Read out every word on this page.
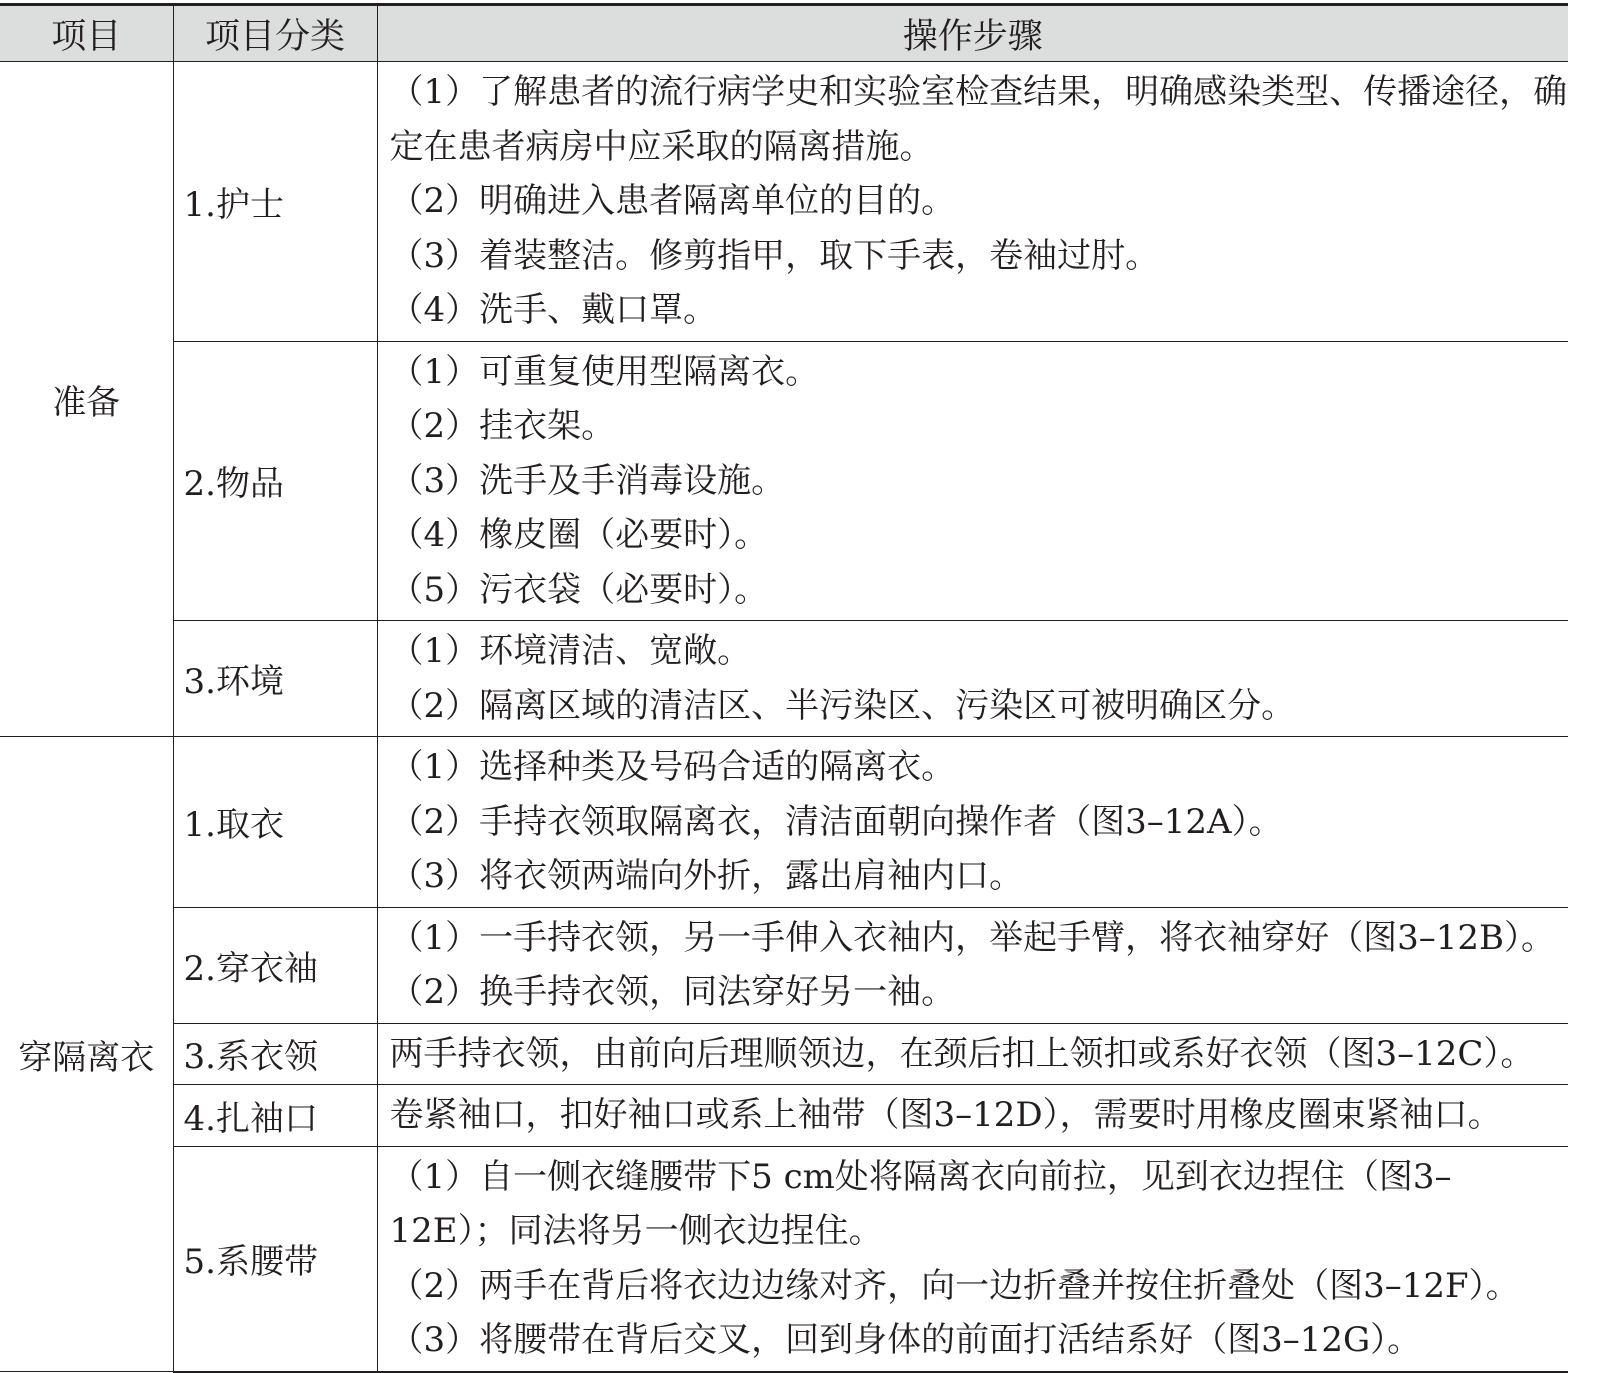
项目	项目分类	操作步骤
准备	1.护士	（1）了解患者的流行病学史和实验室检查结果，明确感染类型、传播途径，确定在患者病房中应采取的隔离措施。
（2）明确进入患者隔离单位的目的。
（3）着装整洁。修剪指甲，取下手表，卷袖过肘。
（4）洗手、戴口罩。

	2.物品	（1）可重复使用型隔离衣。
（2）挂衣架。
（3）洗手及手消毒设施。
（4）橡皮圈（必要时）。
（5）污衣袋（必要时）。

	3.环境	（1）环境清洁、宽敞。
（2）隔离区域的清洁区、半污染区、污染区可被明确区分。

穿隔离衣	1.取衣	（1）选择种类及号码合适的隔离衣。
（2）手持衣领取隔离衣，清洁面朝向操作者（图3–12A）。
（3）将衣领两端向外折，露出肩袖内口。

	2.穿衣袖	（1）一手持衣领，另一手伸入衣袖内，举起手臂，将衣袖穿好（图3–12B）。
（2）换手持衣领，同法穿好另一袖。

	3.系衣领	两手持衣领，由前向后理顺领边，在颈后扣上领扣或系好衣领（图3–12C）。

	4.扎袖口	卷紧袖口，扣好袖口或系上袖带（图3–12D），需要时用橡皮圈束紧袖口。

	5.系腰带	（1）自一侧衣缝腰带下5 cm处将隔离衣向前拉，见到衣边捏住（图3–12E）；同法将另一侧衣边捏住。
（2）两手在背后将衣边边缘对齐，向一边折叠并按住折叠处（图3–12F）。
（3）将腰带在背后交叉，回到身体的前面打活结系好（图3–12G）。
